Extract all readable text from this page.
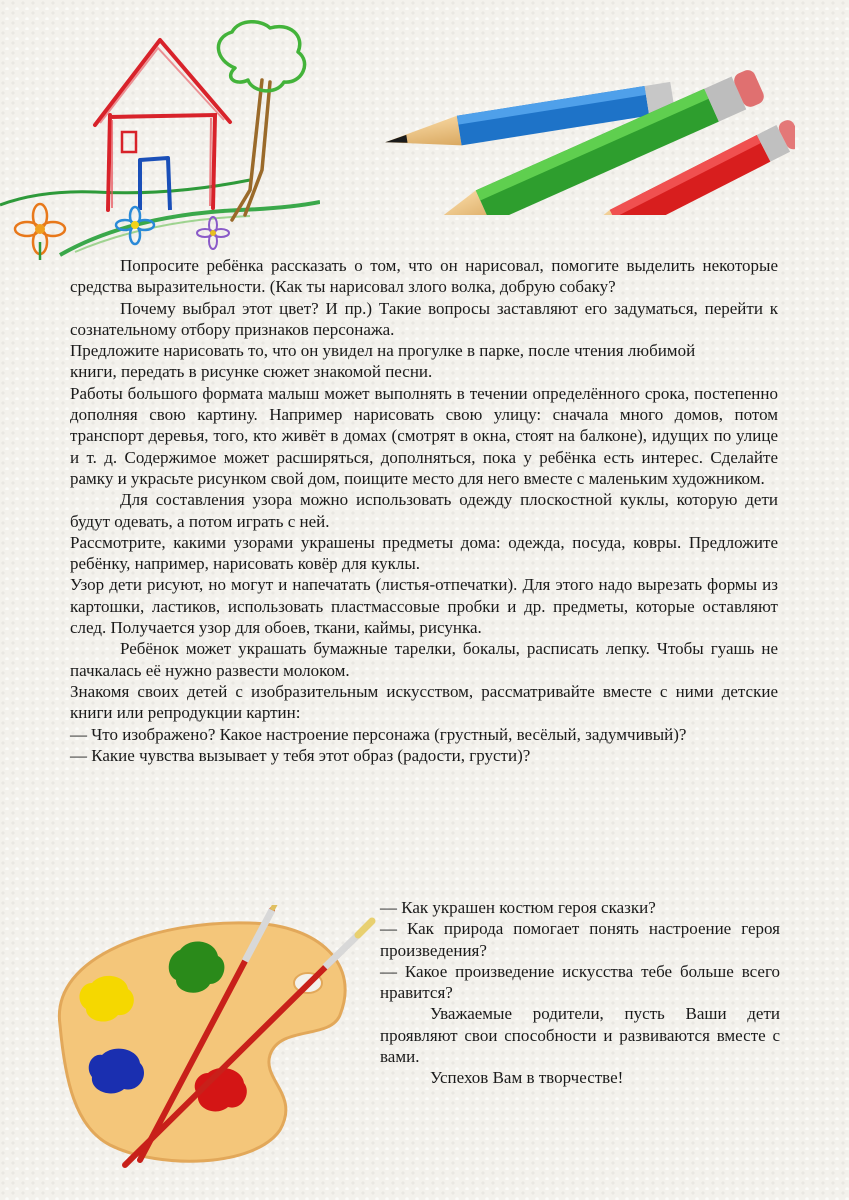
Попросите ребёнка рассказать о том, что он нарисовал, помогите выделить некоторые средства выразительности. (Как ты нарисовал злого волка, добрую собаку?

Почему выбрал этот цвет? И пр.) Такие вопросы заставляют его задуматься, перейти к сознательному отбору признаков персонажа.

Предложите нарисовать то, что он увидел на прогулке в парке, после чтения любимой книги, передать в рисунке сюжет знакомой песни.

Работы большого формата малыш может выполнять в течении определённого срока, постепенно дополняя свою картину. Например нарисовать свою улицу: сначала много домов, потом транспорт деревья, того, кто живёт в домах (смотрят в окна, стоят на балконе), идущих по улице и т. д. Содержимое может расширяться, дополняться, пока у ребёнка есть интерес. Сделайте рамку и украсьте рисунком свой дом, поищите место для него вместе с маленьким художником.

Для составления узора можно использовать одежду плоскостной куклы, которую дети будут одевать, а потом играть с ней.

Рассмотрите, какими узорами украшены предметы дома: одежда, посуда, ковры. Предложите ребёнку, например, нарисовать ковёр для куклы.

Узор дети рисуют, но могут и напечатать (листья-отпечатки). Для этого надо вырезать формы из картошки, ластиков, использовать пластмассовые пробки и др. предметы, которые оставляют след. Получается узор для обоев, ткани, каймы, рисунка.

Ребёнок может украшать бумажные тарелки, бокалы, расписать лепку. Чтобы гуашь не пачкалась её нужно развести молоком.

Знакомя своих детей с изобразительным искусством, рассматривайте вместе с ними детские книги или репродукции картин:

— Что изображено? Какое настроение персонажа (грустный, весёлый, задумчивый)?

— Какие чувства вызывает у тебя этот образ (радости, грусти)?

— Как украшен костюм героя сказки?

— Как природа помогает понять настроение героя произведения?

— Какое произведение искусства тебе больше всего нравится?

Уважаемые родители, пусть Ваши дети проявляют свои способности и развиваются вместе с вами.

Успехов Вам в творчестве!
